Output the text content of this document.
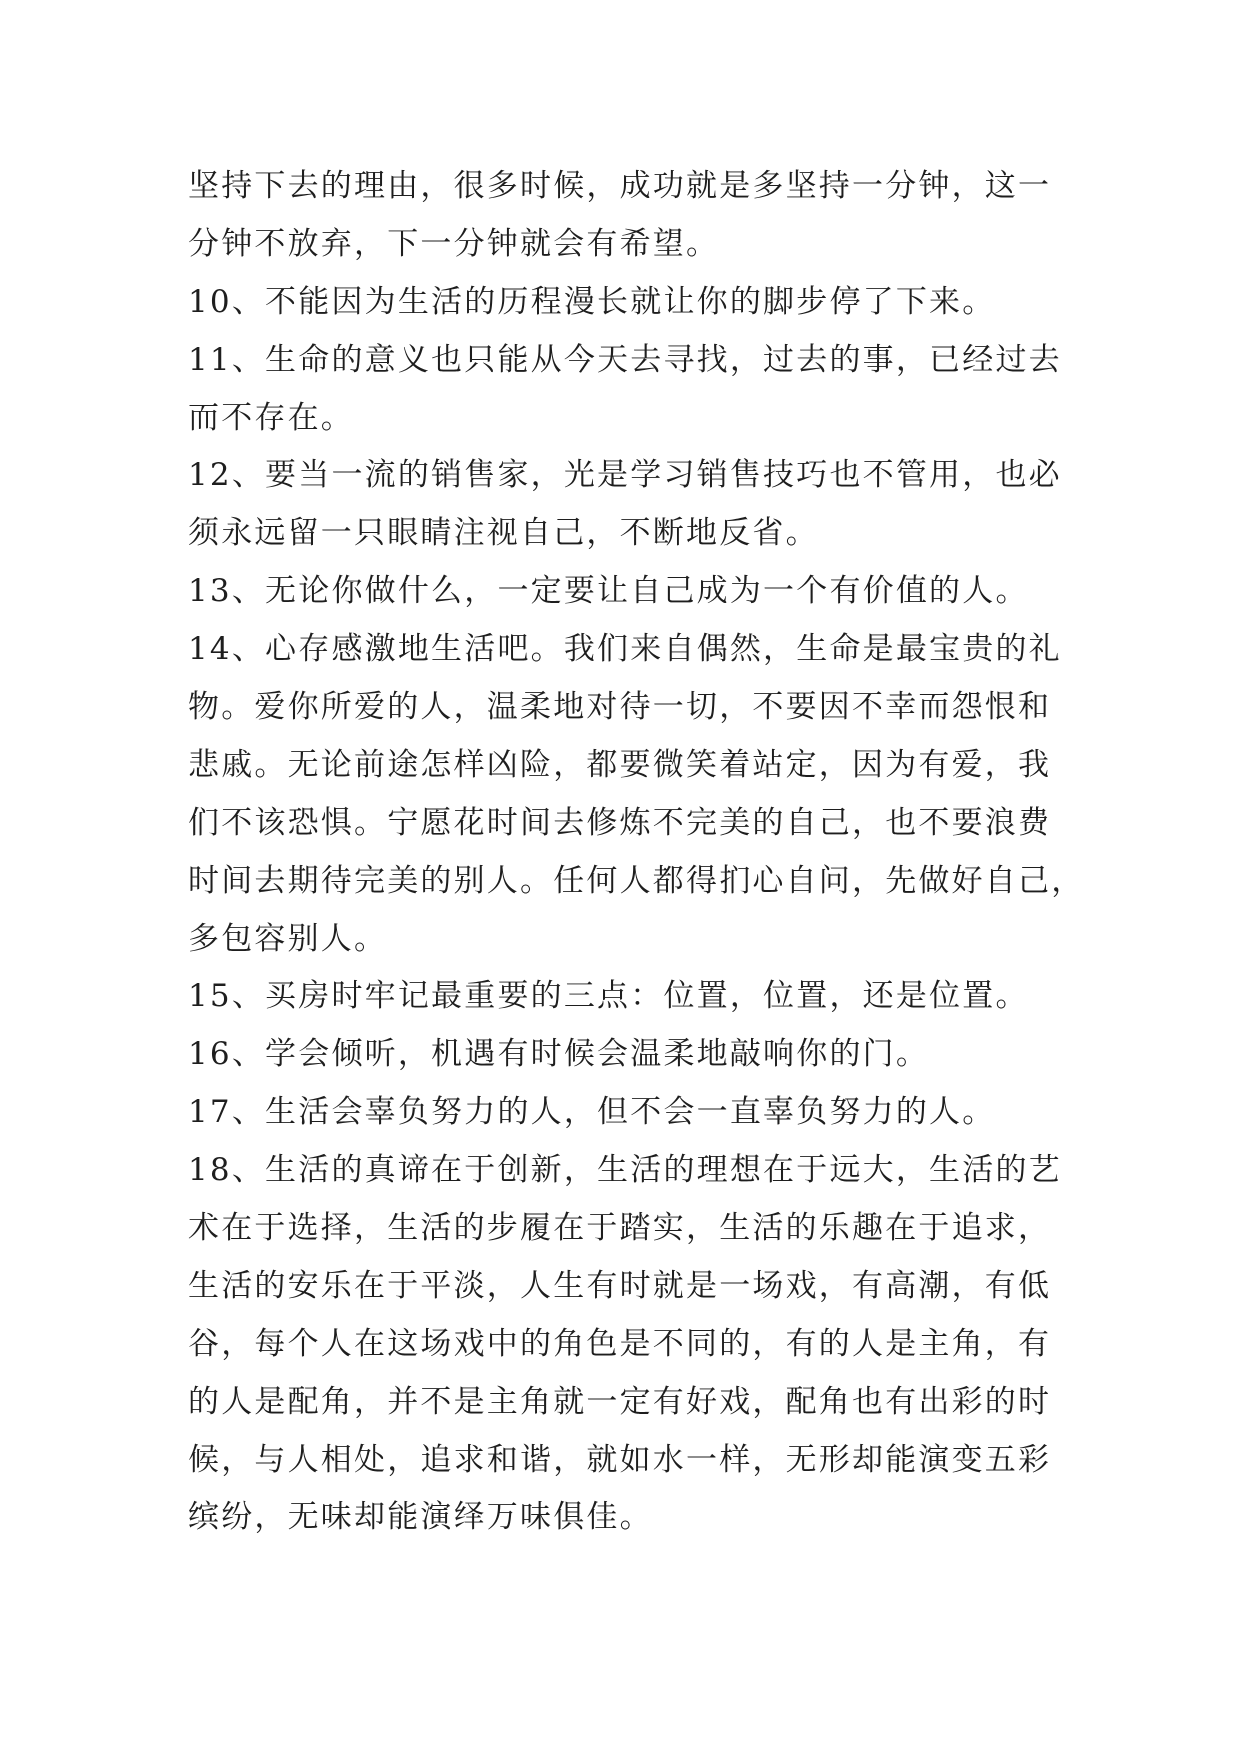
坚持下去的理由，很多时候，成功就是多坚持一分钟，这一
分钟不放弃，下一分钟就会有希望。
10、不能因为生活的历程漫长就让你的脚步停了下来。
11、生命的意义也只能从今天去寻找，过去的事，已经过去
而不存在。
12、要当一流的销售家，光是学习销售技巧也不管用，也必
须永远留一只眼睛注视自己，不断地反省。
13、无论你做什么，一定要让自己成为一个有价值的人。
14、心存感激地生活吧。我们来自偶然，生命是最宝贵的礼
物。爱你所爱的人，温柔地对待一切，不要因不幸而怨恨和
悲戚。无论前途怎样凶险，都要微笑着站定，因为有爱，我
们不该恐惧。宁愿花时间去修炼不完美的自己，也不要浪费
时间去期待完美的别人。任何人都得扪心自问，先做好自己，
多包容别人。
15、买房时牢记最重要的三点：位置，位置，还是位置。
16、学会倾听，机遇有时候会温柔地敲响你的门。
17、生活会辜负努力的人，但不会一直辜负努力的人。
18、生活的真谛在于创新，生活的理想在于远大，生活的艺
术在于选择，生活的步履在于踏实，生活的乐趣在于追求，
生活的安乐在于平淡，人生有时就是一场戏，有高潮，有低
谷，每个人在这场戏中的角色是不同的，有的人是主角，有
的人是配角，并不是主角就一定有好戏，配角也有出彩的时
候，与人相处，追求和谐，就如水一样，无形却能演变五彩
缤纷，无味却能演绎万味俱佳。
